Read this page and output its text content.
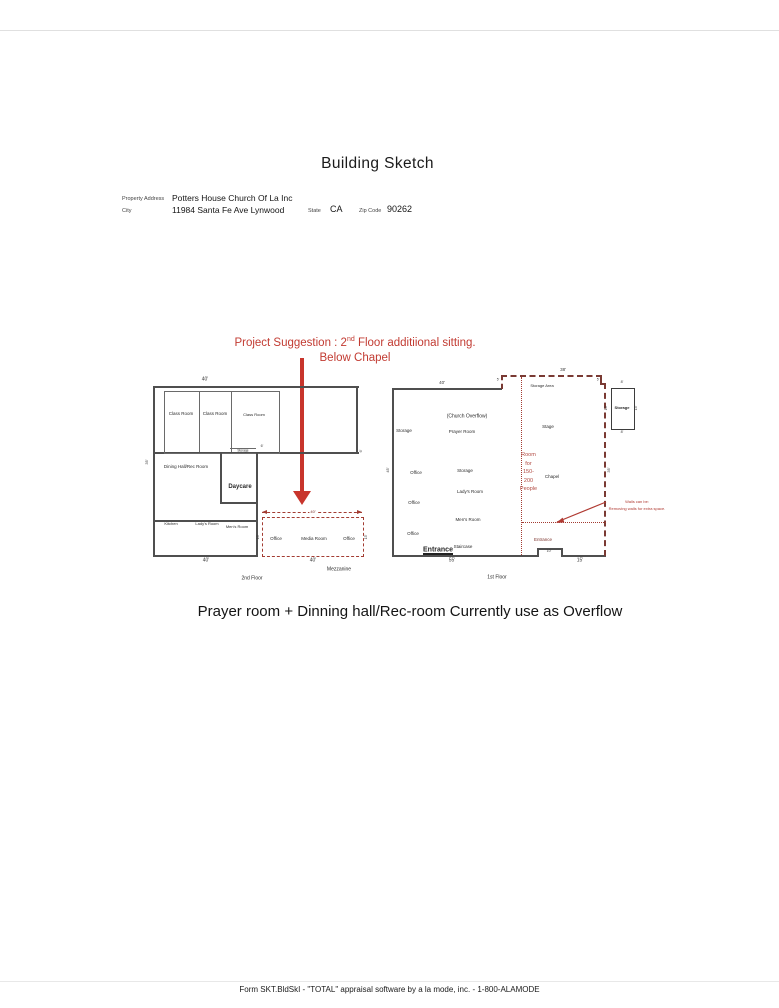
Building Sketch
Property Address Potters House Church Of La Inc
City	11984 Santa Fe Ave Lynwood	State CA	Zip Code 90262
Project Suggestion : 2nd Floor additiional sitting.
Below Chapel
Class Room Class Room	Class Room
Dining Hall/Rec Room
Storage
Daycare
Kitchen	Lady's Room
Men's Room
40'
35'
6'
6'
40'
2nd Floor
40'
Office	Media Room	Office
15'	15'
40'
Mezzanine
40'
38'
5'	5'
45'	35'
(Church Overflow)
Storage	Prayer Room
Storage Area
Stage
Office	Storage
Lady's Room
Office
Men's Room
Office
Staircase
Entrance
Entrance
Chapel
Room
for
150-
200
People
Walls can be:
Removing walls for extra space.
10'
55'	15'
1st Floor
Storage
8'
8'
15'	15'
Prayer room + Dinning hall/Rec-room Currently use as Overflow
Form SKT.BldSkI - "TOTAL" appraisal software by a la mode, inc. - 1-800-ALAMODE
